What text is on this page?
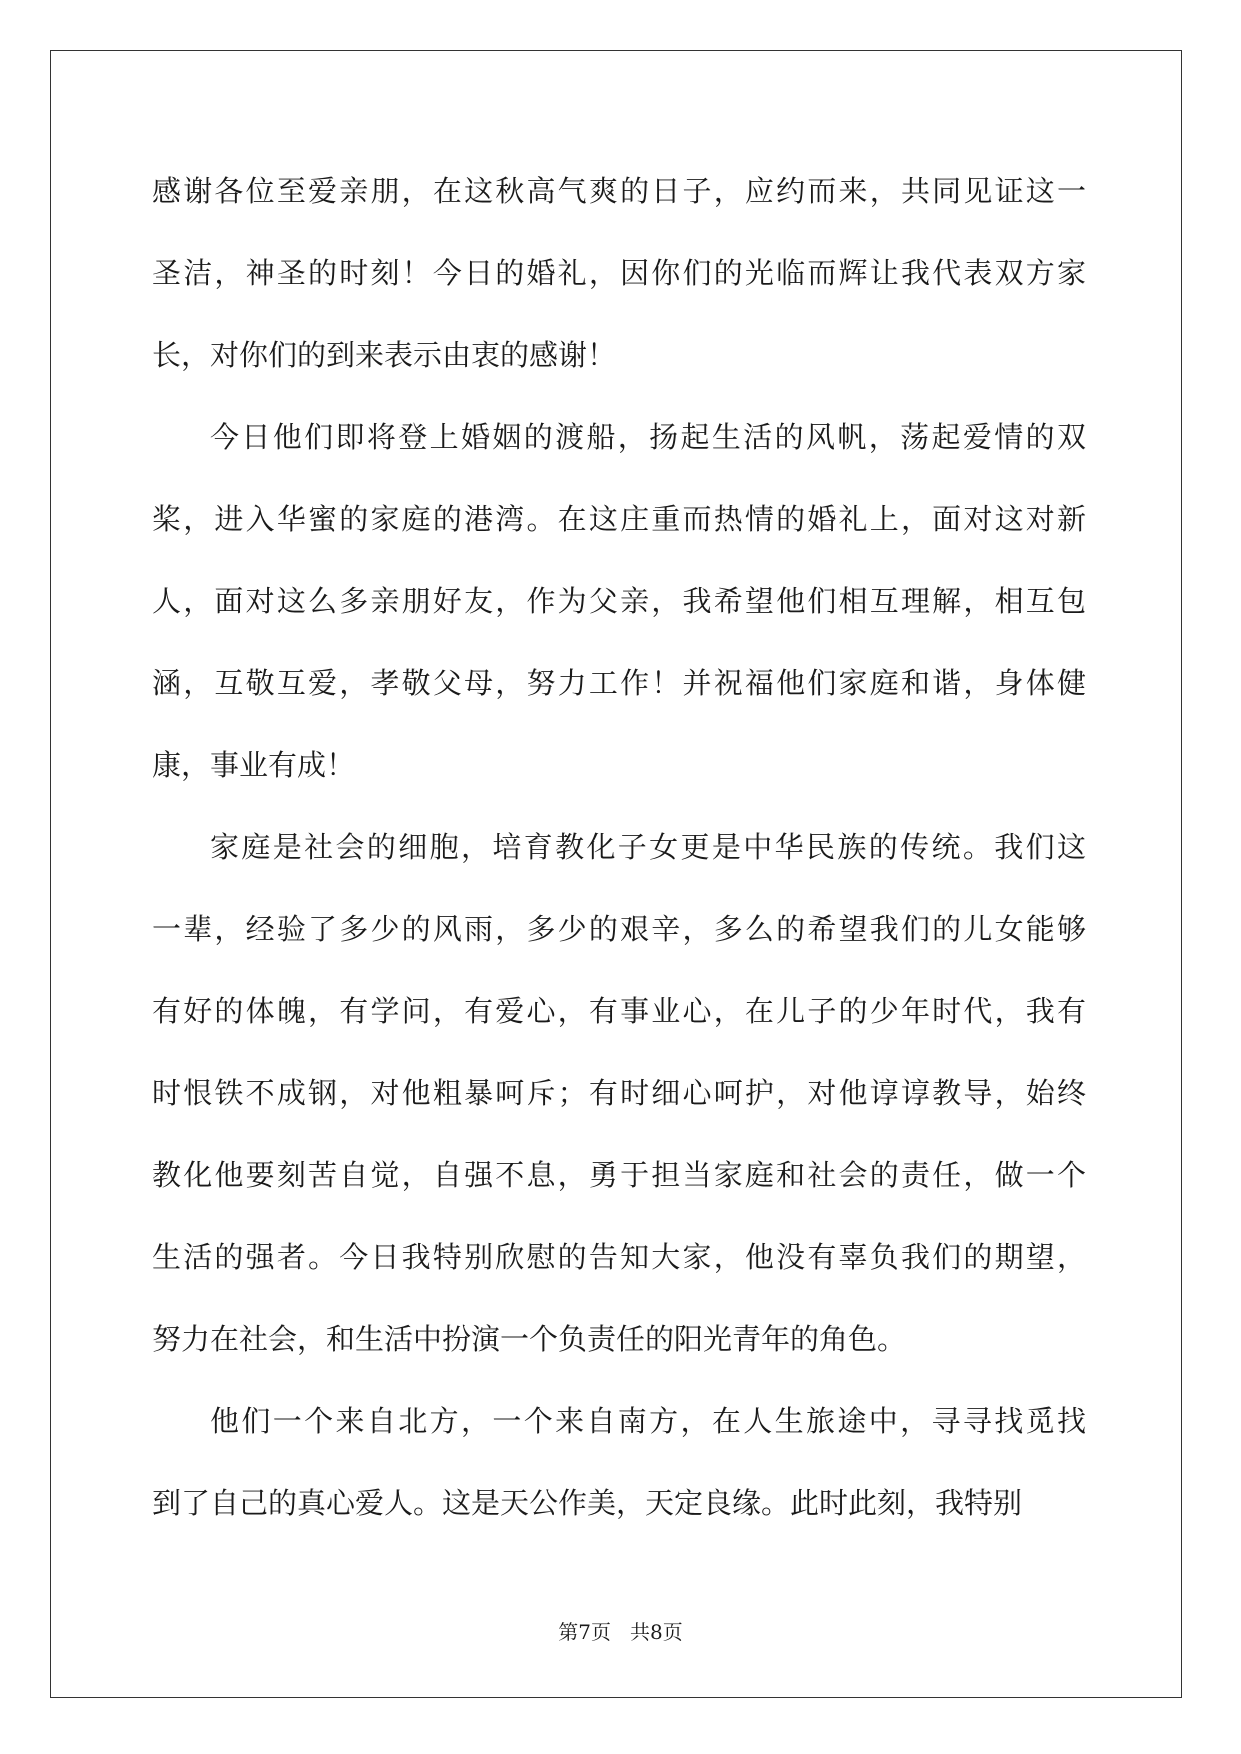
感谢各位至爱亲朋，在这秋高气爽的日子，应约而来，共同见证这一
圣洁，神圣的时刻！今日的婚礼，因你们的光临而辉让我代表双方家
长，对你们的到来表示由衷的感谢！

今日他们即将登上婚姻的渡船，扬起生活的风帆，荡起爱情的双
桨，进入华蜜的家庭的港湾。在这庄重而热情的婚礼上，面对这对新
人，面对这么多亲朋好友，作为父亲，我希望他们相互理解，相互包
涵，互敬互爱，孝敬父母，努力工作！并祝福他们家庭和谐，身体健
康，事业有成！

家庭是社会的细胞，培育教化子女更是中华民族的传统。我们这
一辈，经验了多少的风雨，多少的艰辛，多么的希望我们的儿女能够
有好的体魄，有学问，有爱心，有事业心，在儿子的少年时代，我有
时恨铁不成钢，对他粗暴呵斥；有时细心呵护，对他谆谆教导，始终
教化他要刻苦自觉，自强不息，勇于担当家庭和社会的责任，做一个
生活的强者。今日我特别欣慰的告知大家，他没有辜负我们的期望，
努力在社会，和生活中扮演一个负责任的阳光青年的角色。

他们一个来自北方，一个来自南方，在人生旅途中，寻寻找觅找
到了自己的真心爱人。这是天公作美，天定良缘。此时此刻，我特别

第7页 共8页
